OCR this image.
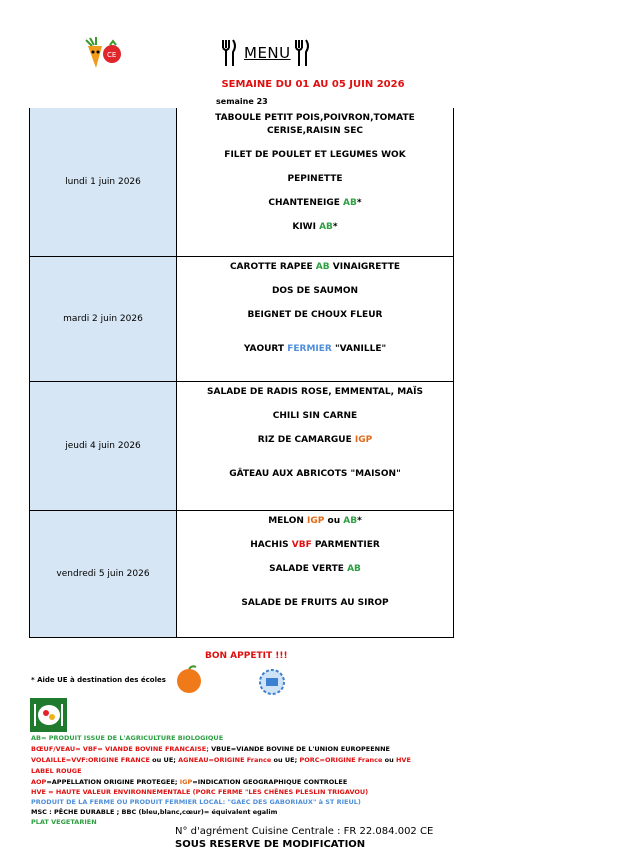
CE	MENU
SEMAINE DU 01 AU 05 JUIN 2026
semaine 23
lundi 1 juin 2026	TABOULE PETIT POIS,POIVRON,TOMATE CERISE,RAISIN SEC
FILET DE POULET ET LEGUMES WOK
PEPINETTE
CHANTENEIGE AB*
KIWI AB*

mardi 2 juin 2026	CAROTTE RAPEE AB VINAIGRETTE
DOS DE SAUMON
BEIGNET DE CHOUX FLEUR
YAOURT FERMIER "VANILLE"

jeudi 4 juin 2026	SALADE DE RADIS ROSE, EMMENTAL, MAÏS
CHILI SIN CARNE
RIZ DE CAMARGUE IGP
GÂTEAU AUX ABRICOTS "MAISON"

vendredi 5 juin 2026	MELON IGP ou AB*
HACHIS VBF PARMENTIER
SALADE VERTE AB
SALADE DE FRUITS AU SIROP
BON APPETIT !!!
* Aide UE à destination des écoles
AB= PRODUIT ISSUE DE L'AGRICULTURE BIOLOGIQUE
BŒUF/VEAU= VBF= VIANDE BOVINE FRANCAISE; VBUE=VIANDE BOVINE DE L'UNION EUROPEENNE
VOLAILLE=VVF:ORIGINE FRANCE ou UE; AGNEAU=ORIGINE France ou UE; PORC=ORIGINE France ou HVE
LABEL ROUGE
AOP=APPELLATION ORIGINE PROTEGEE; IGP=INDICATION GEOGRAPHIQUE CONTROLEE
HVE = HAUTE VALEUR ENVIRONNEMENTALE (PORC FERME "LES CHÊNES PLESLIN TRIGAVOU)
PRODUIT DE LA FERME OU PRODUIT FERMIER LOCAL: "GAEC DES GABORIAUX" à ST RIEUL)
MSC : PÊCHE DURABLE ; BBC (bleu,blanc,cœur)= équivalent egalim
PLAT VEGETARIEN
N° d'agrément Cuisine Centrale : FR 22.084.002 CE
SOUS RESERVE DE MODIFICATION
